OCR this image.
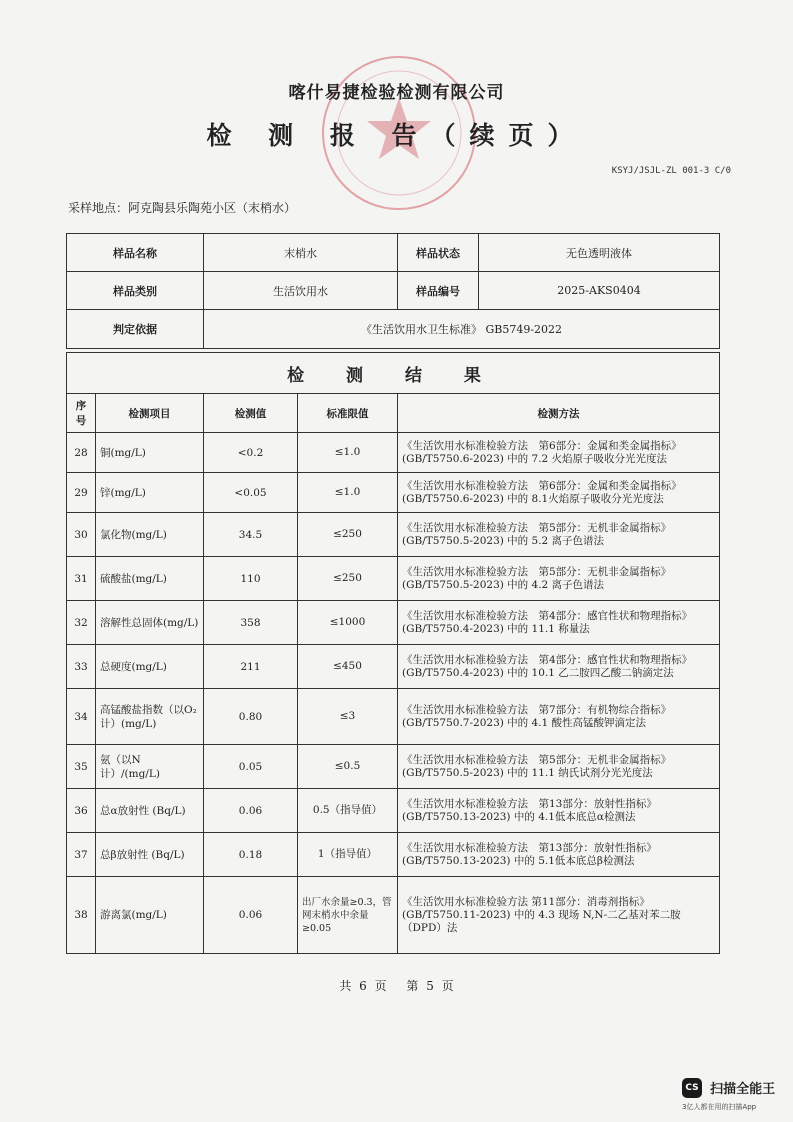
喀什易捷检验检测有限公司
检 测 报 告（续页）
KSYJ/JSJL-ZL 001-3 C/0
采样地点：阿克陶县乐陶苑小区（末梢水）
样品名称	末梢水	样品状态	无色透明液体
样品类别	生活饮用水	样品编号	2025-AKS0404
判定依据	《生活饮用水卫生标准》 GB5749-2022		
检 测 结 果				
序号	检测项目	检测值	标准限值	检测方法
28	铜(mg/L)	<0.2	≤1.0	《生活饮用水标准检验方法　第6部分：金属和类金属指标》(GB/T5750.6-2023) 中的 7.2 火焰原子吸收分光光度法
29	锌(mg/L)	<0.05	≤1.0	《生活饮用水标准检验方法　第6部分：金属和类金属指标》(GB/T5750.6-2023) 中的 8.1火焰原子吸收分光光度法
30	氯化物(mg/L)	34.5	≤250	《生活饮用水标准检验方法　第5部分：无机非金属指标》(GB/T5750.5-2023) 中的 5.2 离子色谱法
31	硫酸盐(mg/L)	110	≤250	《生活饮用水标准检验方法　第5部分：无机非金属指标》(GB/T5750.5-2023) 中的 4.2 离子色谱法
32	溶解性总固体(mg/L)	358	≤1000	《生活饮用水标准检验方法　第4部分：感官性状和物理指标》(GB/T5750.4-2023) 中的 11.1 称量法
33	总硬度(mg/L)	211	≤450	《生活饮用水标准检验方法　第4部分：感官性状和物理指标》(GB/T5750.4-2023) 中的 10.1 乙二胺四乙酸二钠滴定法
34	高锰酸盐指数（以O₂计）(mg/L)	0.80	≤3	《生活饮用水标准检验方法　第7部分：有机物综合指标》(GB/T5750.7-2023) 中的 4.1 酸性高锰酸钾滴定法
35	氨（以N计）/(mg/L)	0.05	≤0.5	《生活饮用水标准检验方法　第5部分：无机非金属指标》(GB/T5750.5-2023) 中的 11.1 纳氏试剂分光光度法
36	总α放射性 (Bq/L)	0.06	0.5（指导值）	《生活饮用水标准检验方法　第13部分：放射性指标》(GB/T5750.13-2023) 中的 4.1低本底总α检测法
37	总β放射性 (Bq/L)	0.18	1（指导值）	《生活饮用水标准检验方法　第13部分：放射性指标》(GB/T5750.13-2023) 中的 5.1低本底总β检测法
38	游离氯(mg/L)	0.06	出厂水余量≥0.3，管网末梢水中余量≥0.05	《生活饮用水标准检验方法 第11部分：消毒剂指标》(GB/T5750.11-2023) 中的 4.3 现场 N,N-二乙基对苯二胺（DPD）法
共 6 页　 第 5 页
CS 扫描全能王
3亿人都在用的扫描App
